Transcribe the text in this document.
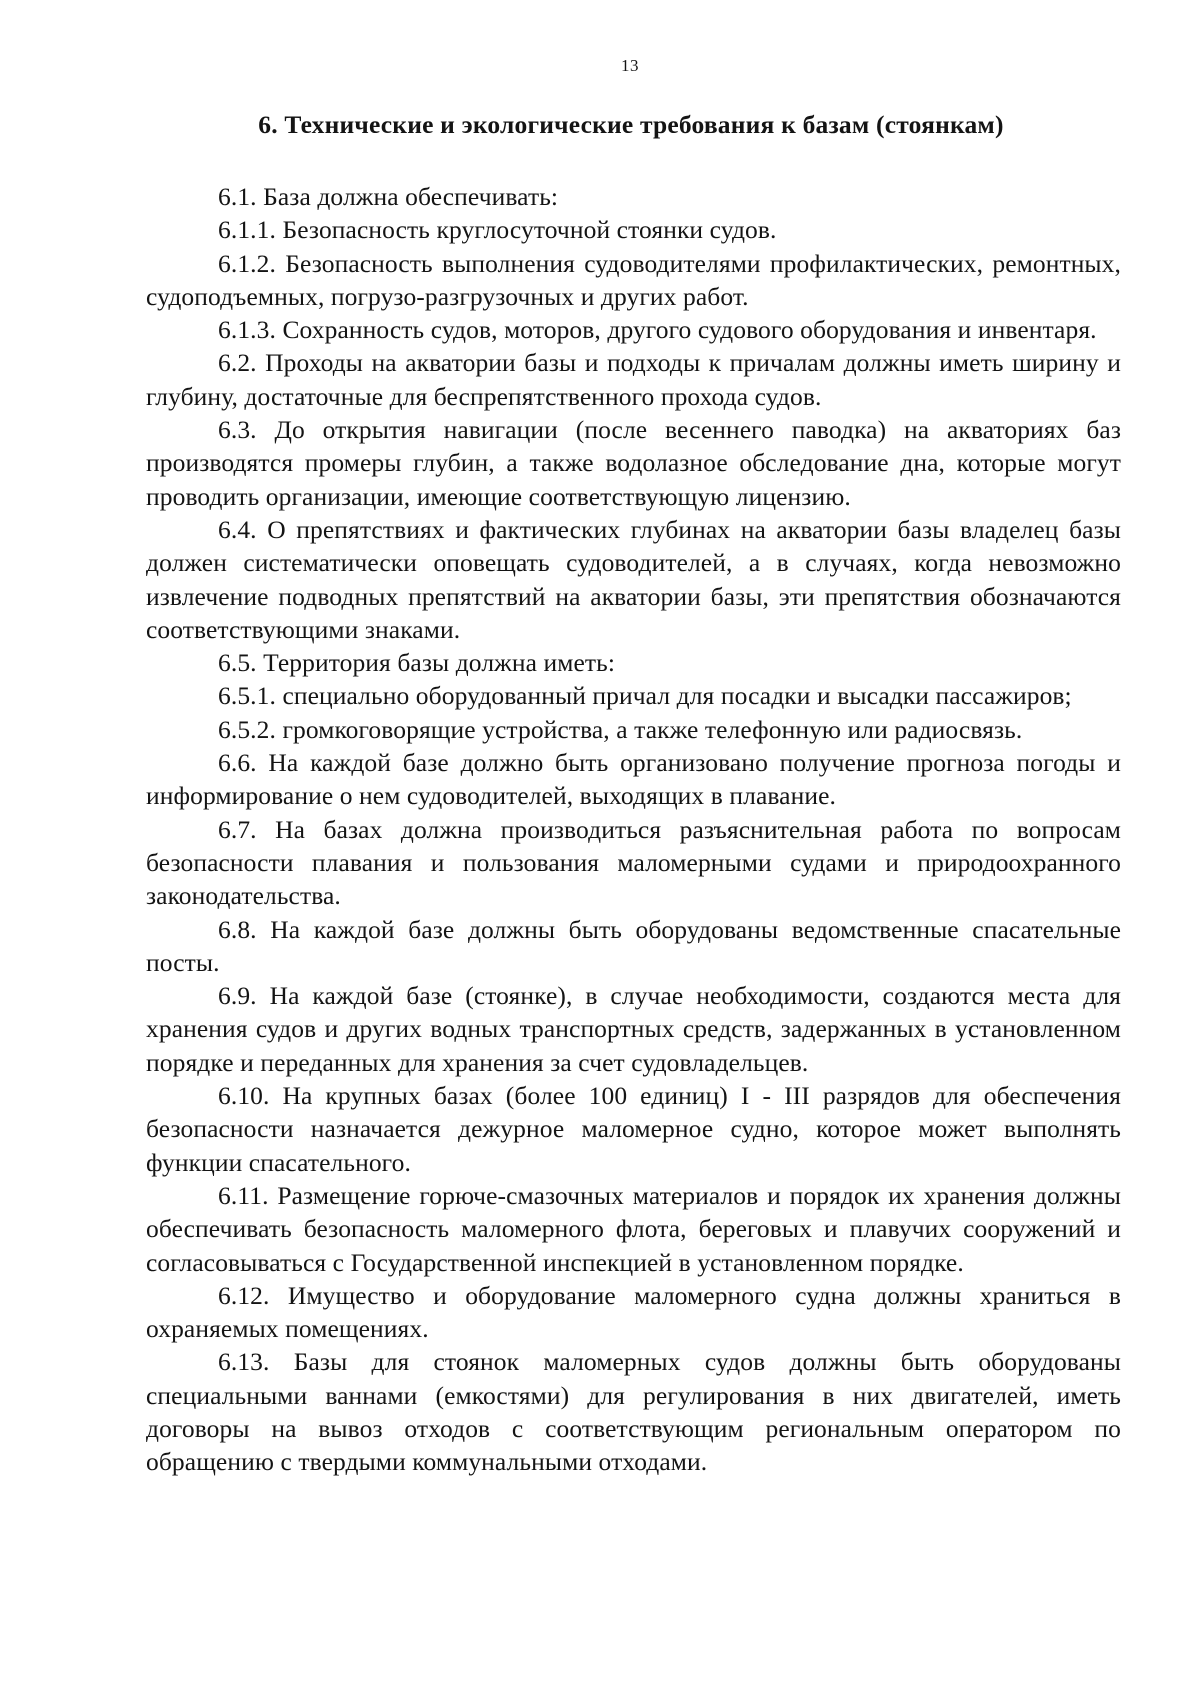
13
6. Технические и экологические требования к базам (стоянкам)

6.1. База должна обеспечивать:

6.1.1. Безопасность круглосуточной стоянки судов.

6.1.2. Безопасность выполнения судоводителями профилактических, ремонтных, судоподъемных, погрузо-разгрузочных и других работ.

6.1.3. Сохранность судов, моторов, другого судового оборудования и инвентаря.

6.2. Проходы на акватории базы и подходы к причалам должны иметь ширину и глубину, достаточные для беспрепятственного прохода судов.

6.3. До открытия навигации (после весеннего паводка) на акваториях баз производятся промеры глубин, а также водолазное обследование дна, которые могут проводить организации, имеющие соответствующую лицензию.

6.4. О препятствиях и фактических глубинах на акватории базы владелец базы должен систематически оповещать судоводителей, а в случаях, когда невозможно извлечение подводных препятствий на акватории базы, эти препятствия обозначаются соответствующими знаками.

6.5. Территория базы должна иметь:

6.5.1. специально оборудованный причал для посадки и высадки пассажиров;

6.5.2. громкоговорящие устройства, а также телефонную или радиосвязь.

6.6. На каждой базе должно быть организовано получение прогноза погоды и информирование о нем судоводителей, выходящих в плавание.

6.7. На базах должна производиться разъяснительная работа по вопросам безопасности плавания и пользования маломерными судами и природоохранного законодательства.

6.8. На каждой базе должны быть оборудованы ведомственные спасательные посты.

6.9. На каждой базе (стоянке), в случае необходимости, создаются места для хранения судов и других водных транспортных средств, задержанных в установленном порядке и переданных для хранения за счет судовладельцев.

6.10. На крупных базах (более 100 единиц) I - III разрядов для обеспечения безопасности назначается дежурное маломерное судно, которое может выполнять функции спасательного.

6.11. Размещение горюче-смазочных материалов и порядок их хранения должны обеспечивать безопасность маломерного флота, береговых и плавучих сооружений и согласовываться с Государственной инспекцией в установленном порядке.

6.12. Имущество и оборудование маломерного судна должны храниться в охраняемых помещениях.

6.13. Базы для стоянок маломерных судов должны быть оборудованы специальными ваннами (емкостями) для регулирования в них двигателей, иметь договоры на вывоз отходов с соответствующим региональным оператором по обращению с твердыми коммунальными отходами.
